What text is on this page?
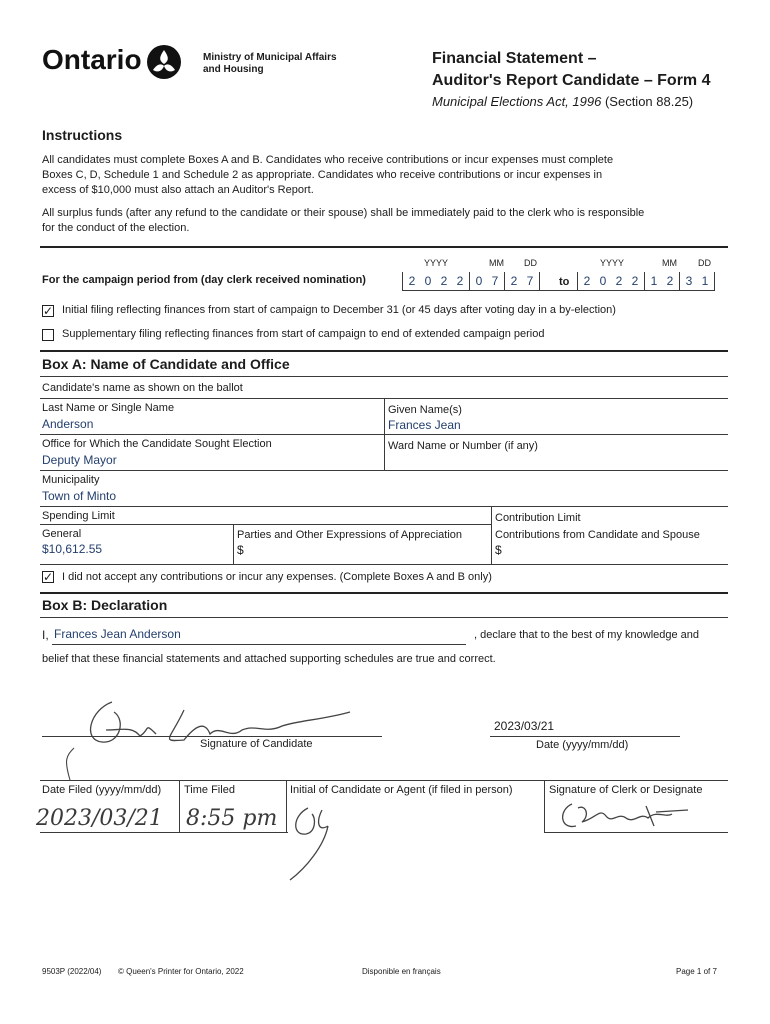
Ontario	Ministry of Municipal Affairs
and Housing
Financial Statement –
Auditor's Report Candidate – Form 4
Municipal Elections Act, 1996 (Section 88.25)
Instructions
All candidates must complete Boxes A and B. Candidates who receive contributions or incur expenses must complete
Boxes C, D, Schedule 1 and Schedule 2 as appropriate. Candidates who receive contributions or incur expenses in
excess of $10,000 must also attach an Auditor's Report.
All surplus funds (after any refund to the candidate or their spouse) shall be immediately paid to the clerk who is responsible
for the conduct of the election.
For the campaign period from (day clerk received nomination)
YYYY	MM DD	YYYY	MM DD
2 0 2 2	0 7	2 7	to	2 0 2 2	1 2	3 1
✓ Initial filing reflecting finances from start of campaign to December 31 (or 45 days after voting day in a by-election)
Supplementary filing reflecting finances from start of campaign to end of extended campaign period
Box A: Name of Candidate and Office
Candidate's name as shown on the ballot
Last Name or Single Name
Anderson
Given Name(s)
Frances Jean
Office for Which the Candidate Sought Election
Deputy Mayor
Ward Name or Number (if any)
Municipality
Town of Minto
Spending Limit	Contribution Limit
General
$10,612.55
Parties and Other Expressions of Appreciation
$
Contributions from Candidate and Spouse
$
✓ I did not accept any contributions or incur any expenses. (Complete Boxes A and B only)
Box B: Declaration
I, Frances Jean Anderson	, declare that to the best of my knowledge and
belief that these financial statements and attached supporting schedules are true and correct.
Signature of Candidate
2023/03/21
Date (yyyy/mm/dd)
Date Filed (yyyy/mm/dd) Time Filed	Initial of Candidate or Agent (if filed in person)	Signature of Clerk or Designate
2023/03/21 8:55 pm
9503P (2022/04) © Queen's Printer for Ontario, 2022	Disponible en français	Page 1 of 7
